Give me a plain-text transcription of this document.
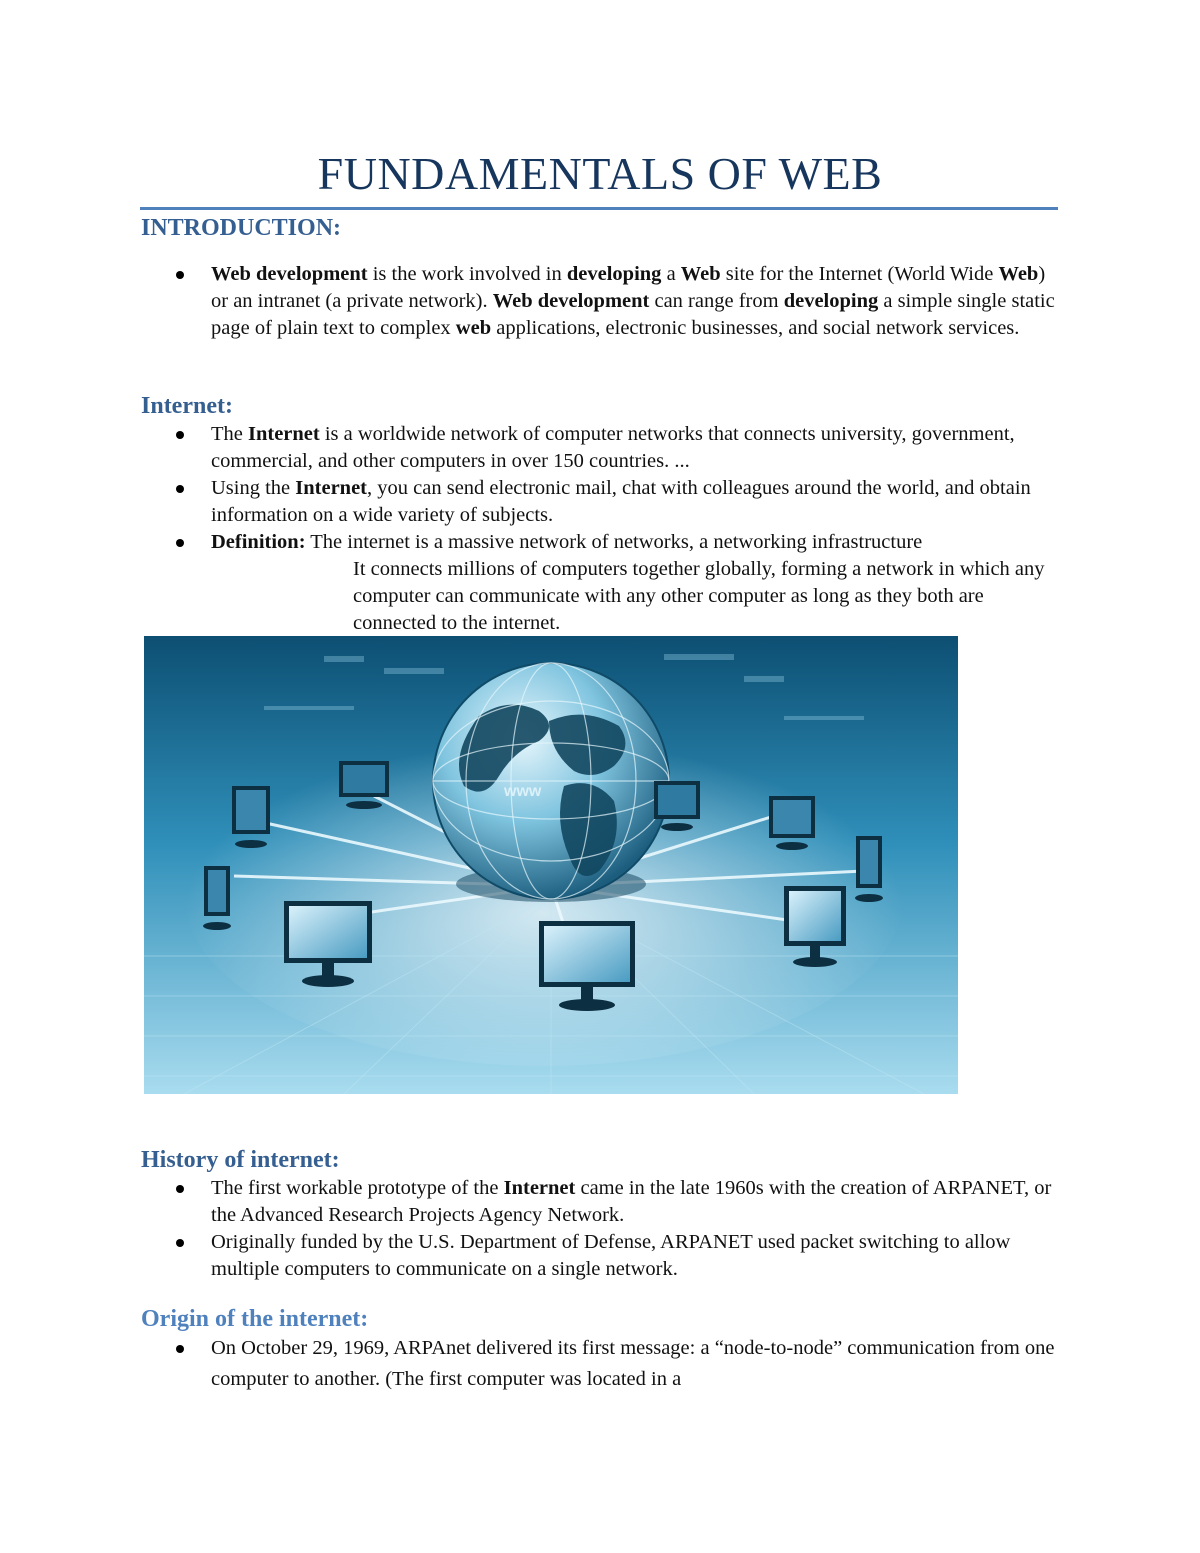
FUNDAMENTALS OF WEB
INTRODUCTION:
Web development is the work involved in developing a Web site for the Internet (World Wide Web) or an intranet (a private network). Web development can range from developing a simple single static page of plain text to complex web applications, electronic businesses, and social network services.
Internet:
The Internet is a worldwide network of computer networks that connects university, government, commercial, and other computers in over 150 countries. ...
Using the Internet, you can send electronic mail, chat with colleagues around the world, and obtain information on a wide variety of subjects.
Definition: The internet is a massive network of networks, a networking infrastructure
It connects millions of computers together globally, forming a network in which any computer can communicate with any other computer as long as they both are connected to the internet.
www
History of internet:
The first workable prototype of the Internet came in the late 1960s with the creation of ARPANET, or the Advanced Research Projects Agency Network.
Originally funded by the U.S. Department of Defense, ARPANET used packet switching to allow multiple computers to communicate on a single network.
Origin of the internet:
On October 29, 1969, ARPAnet delivered its first message: a “node-to-node” communication from one computer to another. (The first computer was located in a
